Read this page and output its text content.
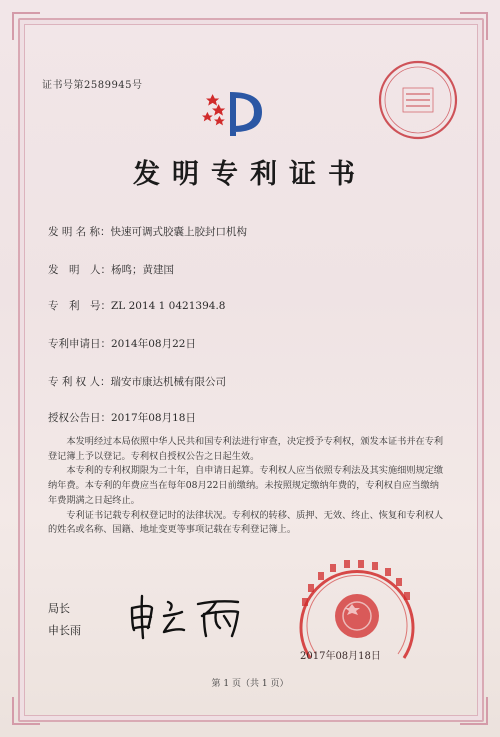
证书号第2589945号
发明专利证书
发 明 名 称：快速可调式胶囊上胶封口机构
发　明　人：杨鸣；黄建国
专　利　号：ZL 2014 1 0421394.8
专利申请日：2014年08月22日
专 利 权 人：瑞安市康达机械有限公司
授权公告日：2017年08月18日

本发明经过本局依照中华人民共和国专利法进行审查，决定授予专利权，颁发本证书并在专利登记簿上予以登记。专利权自授权公告之日起生效。

本专利的专利权期限为二十年，自申请日起算。专利权人应当依照专利法及其实施细则规定缴纳年费。本专利的年费应当在每年08月22日前缴纳。未按照规定缴纳年费的，专利权自应当缴纳年费期满之日起终止。

专利证书记载专利权登记时的法律状况。专利权的转移、质押、无效、终止、恢复和专利权人的姓名或名称、国籍、地址变更等事项记载在专利登记簿上。

局长
申长雨
2017年08月18日
第 1 页（共 1 页）
